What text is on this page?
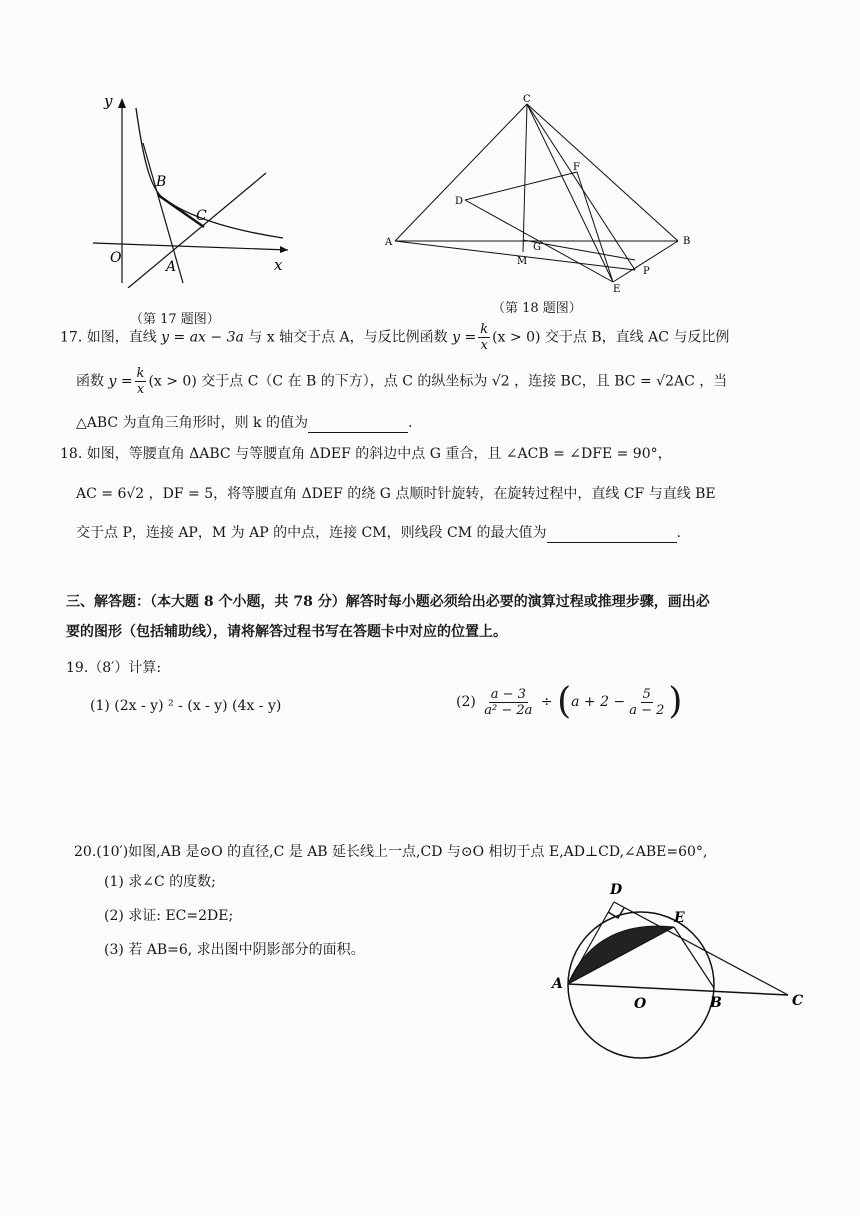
y
x
O
A
B
C
（第 17 题图）
C
A	B
D
F
G
M
P
E
（第 18 题图）
17. 如图，直线 y = ax − 3a 与 x 轴交于点 A，与反比例函数 $y = \frac{k}{x} (x > 0)$ 交于点 B，直线 AC 与反比例
函数 $y = \frac{k}{x} (x > 0)$ 交于点 C（C 在 B 的下方），点 C 的纵坐标为 √2 ，连接 BC，且 BC = √2AC ，当
△ABC 为直角三角形时，则 k 的值为	.
18. 如图，等腰直角 ΔABC 与等腰直角 ΔDEF 的斜边中点 G 重合，且 ∠ACB = ∠DFE = 90°，
AC = 6√2 ，DF = 5，将等腰直角 ΔDEF 的绕 G 点顺时针旋转，在旋转过程中，直线 CF 与直线 BE
交于点 P，连接 AP，M 为 AP 的中点，连接 CM，则线段 CM 的最大值为	.
三、解答题：（本大题 8 个小题，共 78 分）解答时每小题必须给出必要的演算过程或推理步骤，画出必
要的图形（包括辅助线），请将解答过程书写在答题卡中对应的位置上。
19.（8′）计算:
(1) (2x - y) ² - (x - y) (4x - y)	$(2) \frac{a - 3}{\text{a² − 2a}} \div (a + 2 - \frac{5}{a - 2}$ )
20.(10′)如图,AB 是⊙O 的直径,C 是 AB 延长线上一点,CD 与⊙O 相切于点 E,AD⊥CD,∠ABE=60°,
(1) 求∠C 的度数;
(2) 求证: EC=2DE;
(3) 若 AB=6, 求出图中阴影部分的面积。
D
E
A
O	B	C
